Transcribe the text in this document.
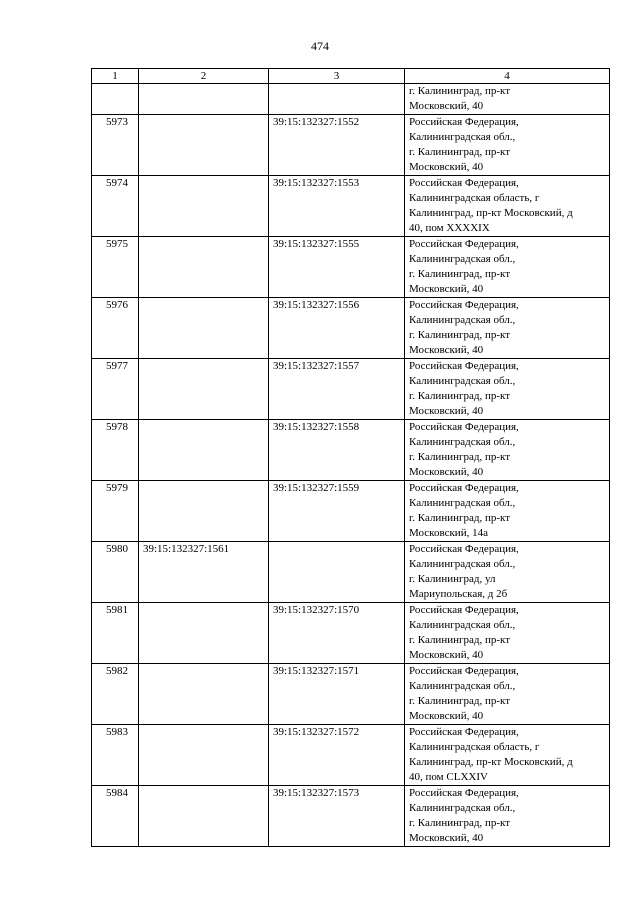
474
1	2	3	4

			г. Калининград, пр-кт
Московский, 40

5973		39:15:132327:1552	Российская Федерация,
Калининградская обл.,
г. Калининград, пр-кт
Московский, 40

5974		39:15:132327:1553	Российская Федерация,
Калининградская область, г
Калининград, пр-кт Московский, д
40, пом XXXXIX

5975		39:15:132327:1555	Российская Федерация,
Калининградская обл.,
г. Калининград, пр-кт
Московский, 40

5976		39:15:132327:1556	Российская Федерация,
Калининградская обл.,
г. Калининград, пр-кт
Московский, 40

5977		39:15:132327:1557	Российская Федерация,
Калининградская обл.,
г. Калининград, пр-кт
Московский, 40

5978		39:15:132327:1558	Российская Федерация,
Калининградская обл.,
г. Калининград, пр-кт
Московский, 40

5979		39:15:132327:1559	Российская Федерация,
Калининградская обл.,
г. Калининград, пр-кт
Московский, 14а

5980	39:15:132327:1561		Российская Федерация,
Калининградская обл.,
г. Калининград, ул
Мариупольская, д 2б

5981		39:15:132327:1570	Российская Федерация,
Калининградская обл.,
г. Калининград, пр-кт
Московский, 40

5982		39:15:132327:1571	Российская Федерация,
Калининградская обл.,
г. Калининград, пр-кт
Московский, 40

5983		39:15:132327:1572	Российская Федерация,
Калининградская область, г
Калининград, пр-кт Московский, д
40, пом CLXXIV

5984		39:15:132327:1573	Российская Федерация,
Калининградская обл.,
г. Калининград, пр-кт
Московский, 40
